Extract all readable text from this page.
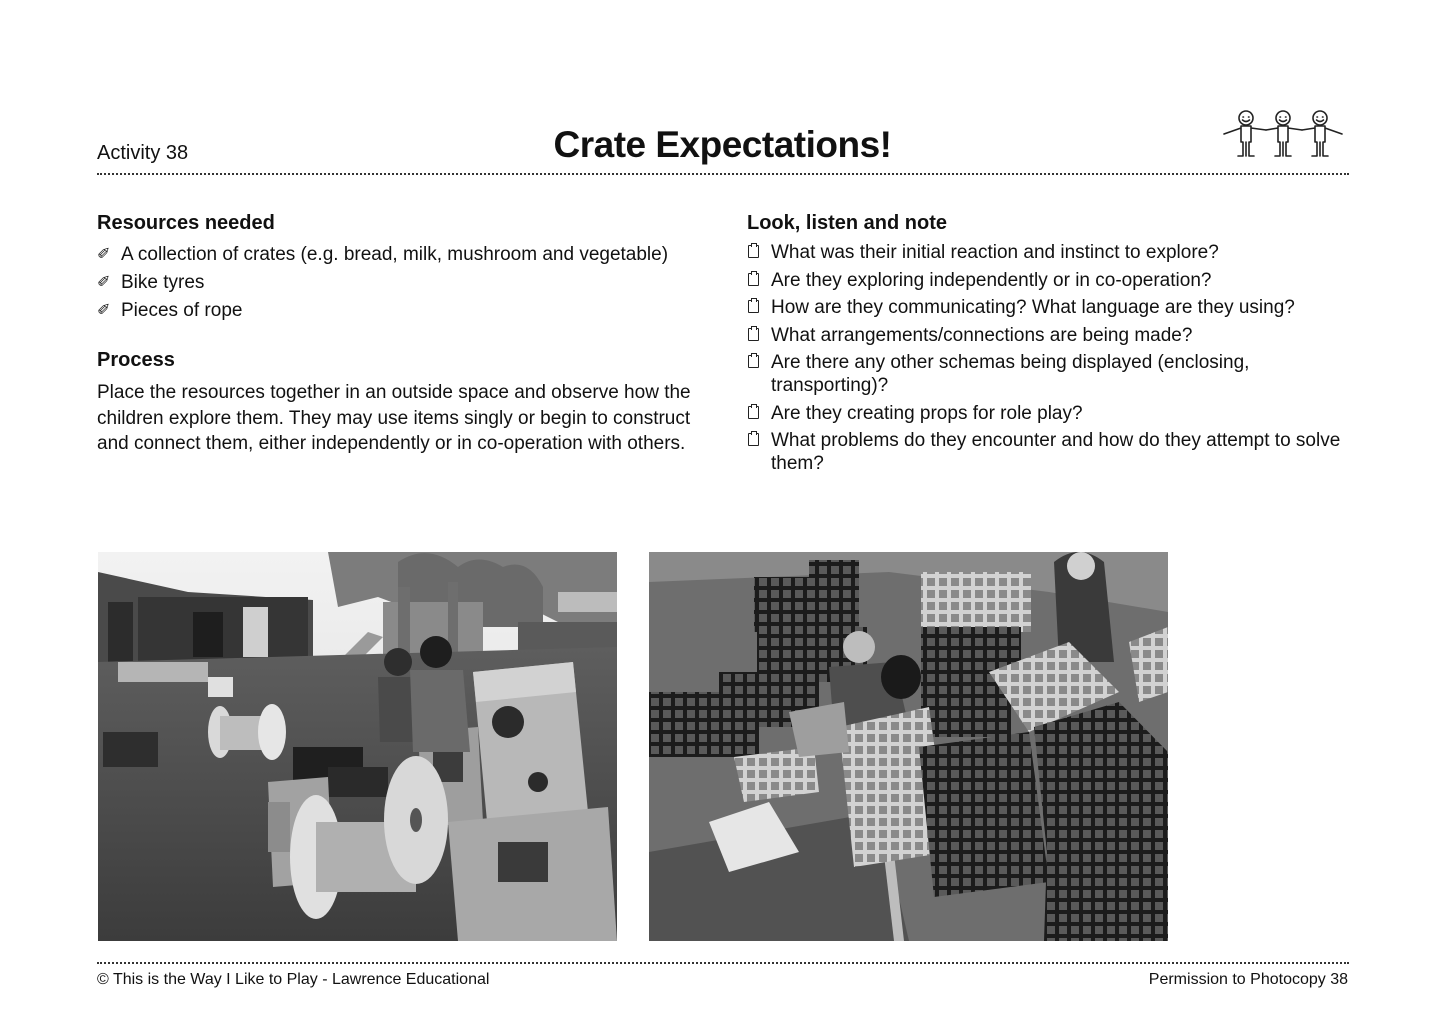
Activity 38	Crate Expectations!
Resources needed
✐ A collection of crates (e.g. bread, milk, mushroom and vegetable)
✐ Bike tyres
✐ Pieces of rope
Process

Place the resources together in an outside space and observe how the children explore them. They may use items singly or begin to construct and connect them, either independently or in co-operation with others.

Look, listen and note
What was their initial reaction and instinct to explore?
Are they exploring independently or in co-operation?
How are they communicating? What language are they using?
What arrangements/connections are being made?
Are there any other schemas being displayed (enclosing, transporting)?
Are they creating props for role play?
What problems do they encounter and how do they attempt to solve them?
© This is the Way I Like to Play - Lawrence Educational	Permission to Photocopy 38
